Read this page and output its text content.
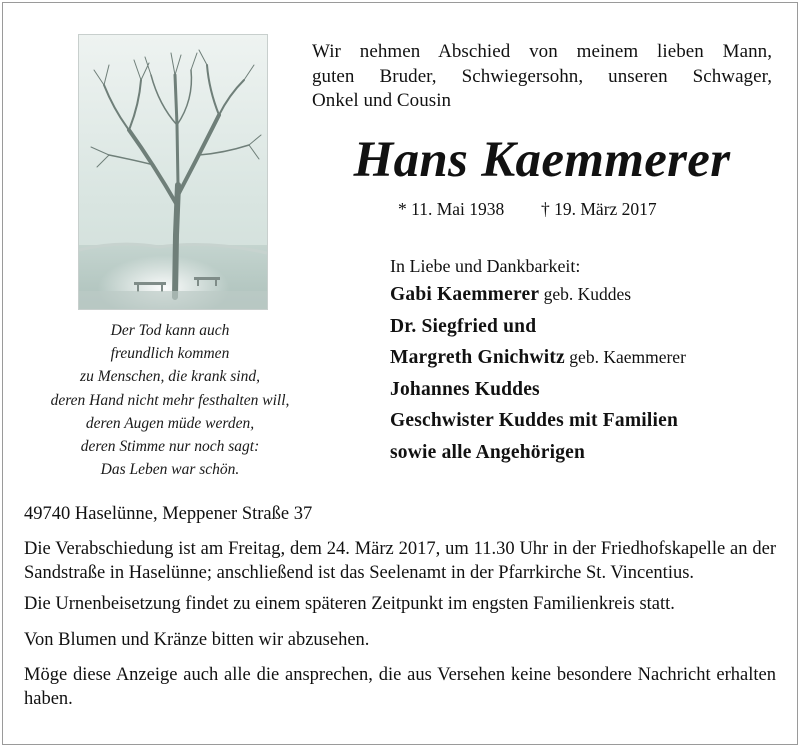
Der Tod kann auch
freundlich kommen
zu Menschen, die krank sind,
deren Hand nicht mehr festhalten will,
deren Augen müde werden,
deren Stimme nur noch sagt:
Das Leben war schön.
Wir nehmen Abschied von meinem lieben Mann,
guten Bruder, Schwiegersohn, unseren Schwager,
Onkel und Cousin
Hans Kaemmerer
* 11. Mai 1938 † 19. März 2017
In Liebe und Dankbarkeit:
Gabi Kaemmerer geb. Kuddes
Dr. Siegfried und
Margreth Gnichwitz geb. Kaemmerer
Johannes Kuddes
Geschwister Kuddes mit Familien
sowie alle Angehörigen
49740 Haselünne, Meppener Straße 37

Die Verabschiedung ist am Freitag, dem 24. März 2017, um 11.30 Uhr in der Friedhofskapelle an der Sandstraße in Haselünne; anschließend ist das Seelenamt in der Pfarrkirche St. Vincentius.

Die Urnenbeisetzung findet zu einem späteren Zeitpunkt im engsten Familienkreis statt.

Von Blumen und Kränze bitten wir abzusehen.

Möge diese Anzeige auch alle die ansprechen, die aus Versehen keine besondere Nachricht erhalten haben.
